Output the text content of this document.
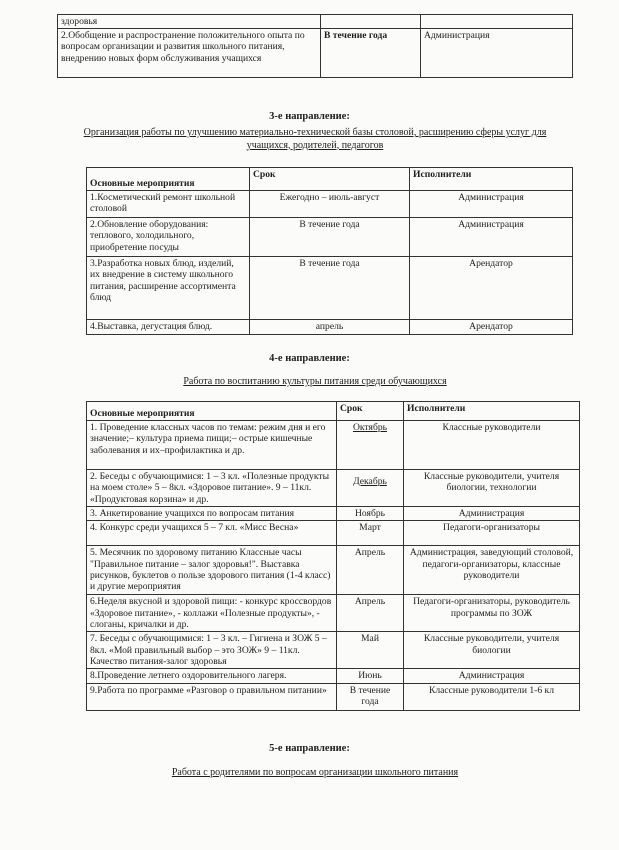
здоровья		
2.Обобщение и распространение положительного опыта по вопросам организации и развития школьного питания, внедрению новых форм обслуживания учащихся	В течение года	Администрация
3-е направление:
Организация работы по улучшению материально-технической базы столовой, расширению сферы услуг для учащихся, родителей, педагогов
Основные мероприятия	Срок	Исполнители
1.Косметический ремонт школьной столовой	Ежегодно – июль-август	Администрация
2.Обновление оборудования: теплового, холодильного, приобретение посуды	В течение года	Администрация
3.Разработка новых блюд, изделий, их внедрение в систему школьного питания, расширение ассортимента блюд	В течение года	Арендатор
4.Выставка, дегустация блюд.	апрель	Арендатор
4-е направление:
Работа по воспитанию культуры питания среди обучающихся
Основные мероприятия	Срок	Исполнители
1. Проведение классных часов по темам: режим дня и его значение;– культура приема пищи;– острые кишечные заболевания и их–профилактика и др.	Октябрь	Классные руководители
2. Беседы с обучающимися: 1 – 3 кл. «Полезные продукты на моем столе» 5 – 8кл. «Здоровое питание». 9 – 11кл. «Продуктовая корзина» и др.	Декабрь	Классные руководители, учителя биологии, технологии
3. Анкетирование учащихся по вопросам питания	Ноябрь	Администрация
4. Конкурс среди учащихся 5 – 7 кл. «Мисс Весна»	Март	Педагоги-организаторы
5. Месячник по здоровому питанию Классные часы "Правильное питание – залог здоровья!". Выставка рисунков, буклетов о пользе здорового питания (1-4 класс) и другие мероприятия	Апрель	Администрация, заведующий столовой, педагоги-организаторы, классные руководители
6.Неделя вкусной и здоровой пищи: - конкурс кроссвордов «Здоровое питание», - коллажи «Полезные продукты», - слоганы, кричалки и др.	Апрель	Педагоги-организаторы, руководитель программы по ЗОЖ
7. Беседы с обучающимися: 1 – 3 кл. – Гигиена и ЗОЖ 5 – 8кл. «Мой правильный выбор – это ЗОЖ» 9 – 11кл. Качество питания-залог здоровья	Май	Классные руководители, учителя биологии
8.Проведение летнего оздоровительного лагеря.	Июнь	Администрация
9.Работа по программе «Разговор о правильном питании»	В течение года	Классные руководители 1-6 кл
5-е направление:
Работа с родителями по вопросам организации школьного питания
